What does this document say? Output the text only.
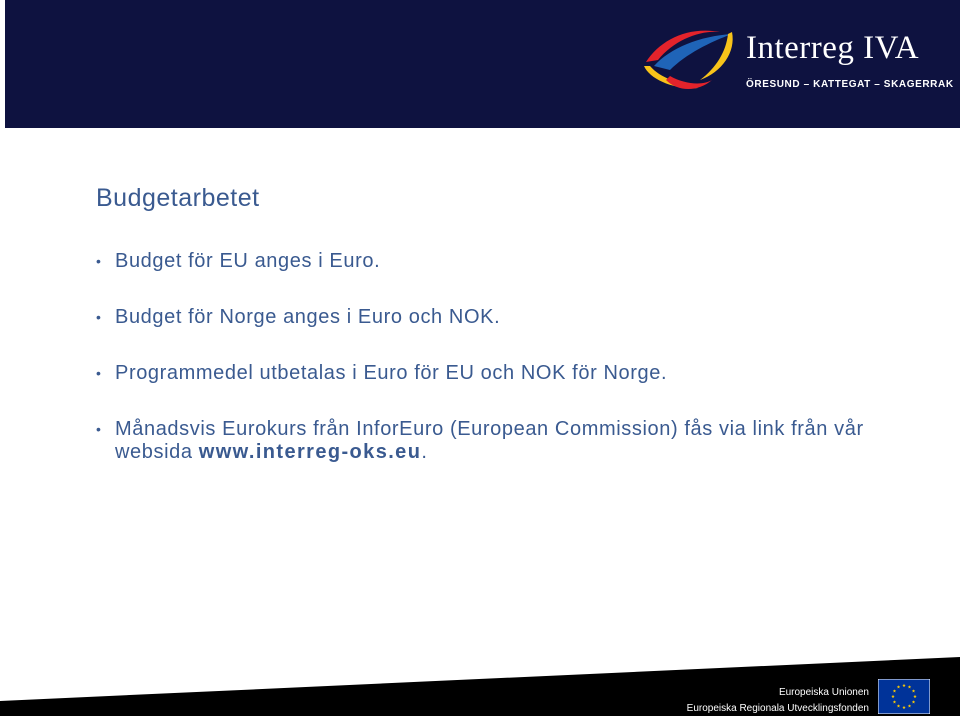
Interreg IVA
ÖRESUND – KATTEGAT – SKAGERRAK
Budgetarbetet
• Budget för EU anges i Euro.
• Budget för Norge anges i Euro och NOK.
• Programmedel utbetalas i Euro för EU och NOK för Norge.
• Månadsvis Eurokurs från InforEuro (European Commission) fås via link från vår websida www.interreg-oks.eu.
Europeiska Unionen
Europeiska Regionala Utvecklingsfonden
